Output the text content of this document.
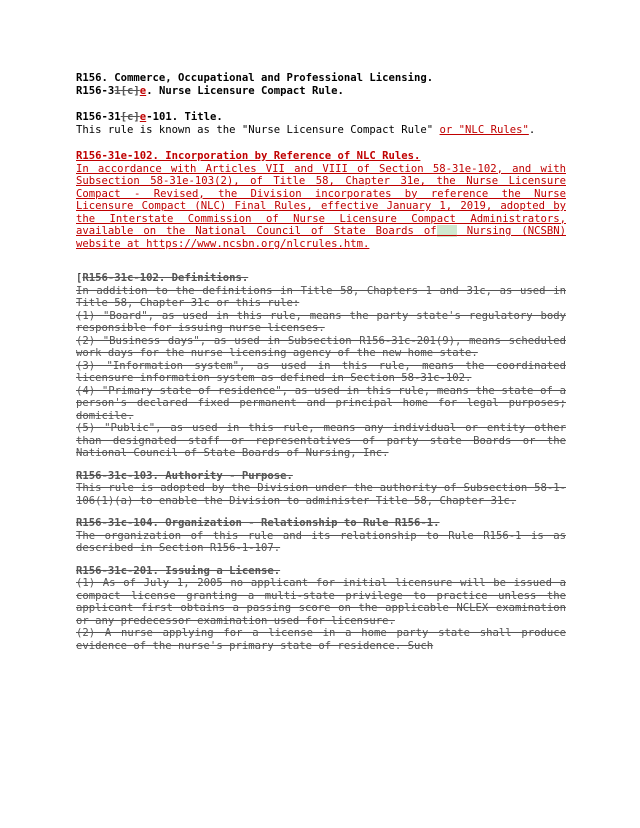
R156. Commerce, Occupational and Professional Licensing.
R156-31[c]e. Nurse Licensure Compact Rule.
R156-31[c]e-101. Title.
This rule is known as the "Nurse Licensure Compact Rule" or "NLC Rules".
R156-31e-102. Incorporation by Reference of NLC Rules.
In accordance with Articles VII and VIII of Section 58-31e-102, and with Subsection 58-31e-103(2), of Title 58, Chapter 31e, the Nurse Licensure Compact - Revised, the Division incorporates by reference the Nurse Licensure Compact (NLC) Final Rules, effective January 1, 2019, adopted by the Interstate Commission of Nurse Licensure Compact Administrators, available on the National Council of State Boards of   Nursing (NCSBN) website at https://www.ncsbn.org/nlcrules.htm.
[R156-31c-102. Definitions.
In addition to the definitions in Title 58, Chapters 1 and 31c, as used in Title 58, Chapter 31c or this rule:
(1) "Board", as used in this rule, means the party state's regulatory body responsible for issuing nurse licenses.
(2) "Business days", as used in Subsection R156-31c-201(9), means scheduled work days for the nurse licensing agency of the new home state.
(3) "Information system", as used in this rule, means the coordinated licensure information system as defined in Section 58-31c-102.
(4) "Primary state of residence", as used in this rule, means the state of a person's declared fixed permanent and principal home for legal purposes; domicile.
(5) "Public", as used in this rule, means any individual or entity other than designated staff or representatives of party state Boards or the National Council of State Boards of Nursing, Inc.
R156-31c-103. Authority - Purpose.
This rule is adopted by the Division under the authority of Subsection 58-1-106(1)(a) to enable the Division to administer Title 58, Chapter 31c.
R156-31c-104. Organization - Relationship to Rule R156-1.
The organization of this rule and its relationship to Rule R156-1 is as described in Section R156-1-107.
R156-31c-201. Issuing a License.
(1) As of July 1, 2005 no applicant for initial licensure will be issued a compact license granting a multi-state privilege to practice unless the applicant first obtains a passing score on the applicable NCLEX examination or any predecessor examination used for licensure.
(2) A nurse applying for a license in a home party state shall produce evidence of the nurse's primary state of residence. Such
